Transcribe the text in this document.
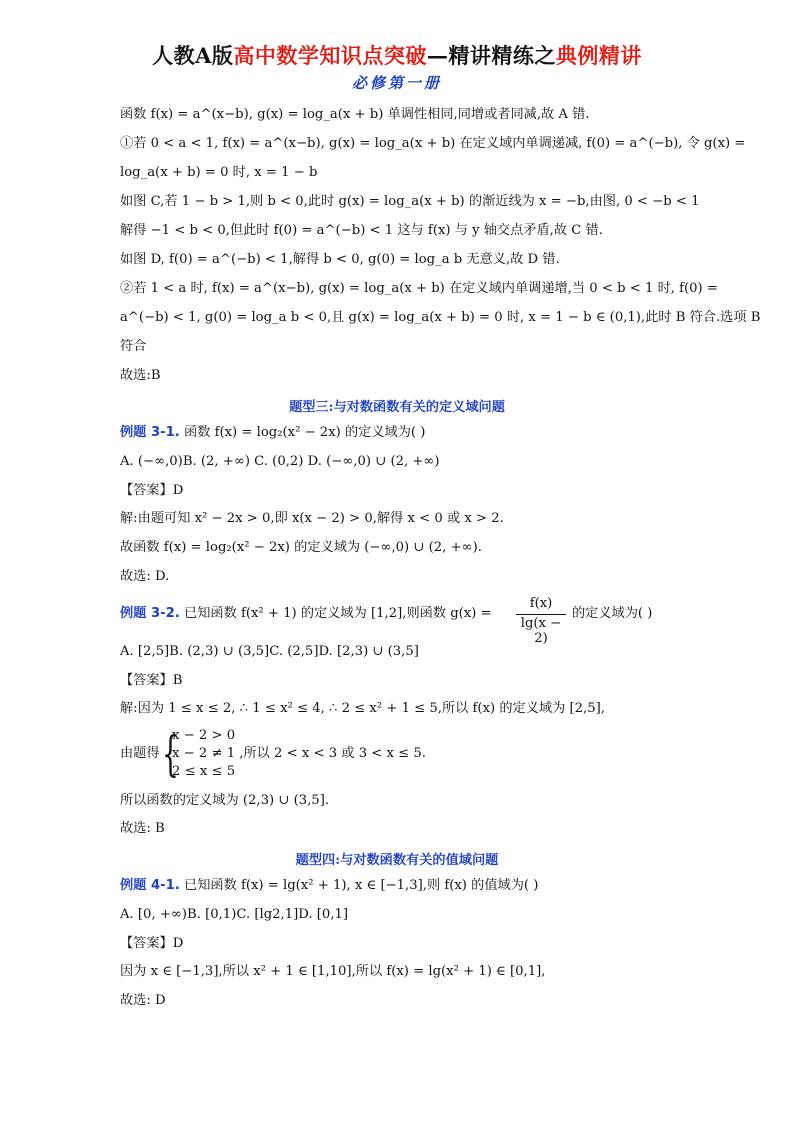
人教A版高中数学知识点突破—精讲精练之典例精讲
必修第一册
函数 f(x) = a^(x−b), g(x) = log_a(x + b) 单调性相同,同增或者同减,故 A 错.
①若 0 < a < 1, f(x) = a^(x−b), g(x) = log_a(x + b) 在定义域内单调递减, f(0) = a^(−b), 令 g(x) =
log_a(x + b) = 0 时, x = 1 − b
如图 C,若 1 − b > 1,则 b < 0,此时 g(x) = log_a(x + b) 的渐近线为 x = −b,由图, 0 < −b < 1
解得 −1 < b < 0,但此时 f(0) = a^(−b) < 1 这与 f(x) 与 y 轴交点矛盾,故 C 错.
如图 D, f(0) = a^(−b) < 1,解得 b < 0, g(0) = log_a b 无意义,故 D 错.
②若 1 < a 时, f(x) = a^(x−b), g(x) = log_a(x + b) 在定义域内单调递增,当 0 < b < 1 时, f(0) =
a^(−b) < 1, g(0) = log_a b < 0,且 g(x) = log_a(x + b) = 0 时, x = 1 − b ∈ (0,1),此时 B 符合.选项 B
符合
故选:B
题型三:与对数函数有关的定义域问题
例题 3-1. 函数 f(x) = log₂(x² − 2x) 的定义域为( )
A. (−∞,0)B. (2, +∞) C. (0,2) D. (−∞,0) ∪ (2, +∞)
【答案】D
解:由题可知 x² − 2x > 0,即 x(x − 2) > 0,解得 x < 0 或 x > 2.
故函数 f(x) = log₂(x² − 2x) 的定义域为 (−∞,0) ∪ (2, +∞).
故选: D.
例题 3-2. 已知函数 f(x² + 1) 的定义域为 [1,2],则函数 g(x) =
f(x)
lg(x − 2)
的定义域为( )
A. [2,5]B. (2,3) ∪ (3,5]C. (2,5]D. [2,3) ∪ (3,5]
【答案】B
解:因为 1 ≤ x ≤ 2, ∴ 1 ≤ x² ≤ 4, ∴ 2 ≤ x² + 1 ≤ 5,所以 f(x) 的定义域为 [2,5],
由题得 {
x − 2 > 0
x − 2 ≠ 1 ,所以 2 < x < 3 或 3 < x ≤ 5.
2 ≤ x ≤ 5
所以函数的定义域为 (2,3) ∪ (3,5].
故选: B
题型四:与对数函数有关的值域问题
例题 4-1. 已知函数 f(x) = lg(x² + 1), x ∈ [−1,3],则 f(x) 的值域为( )
A. [0, +∞)B. [0,1)C. [lg2,1]D. [0,1]
【答案】D
因为 x ∈ [−1,3],所以 x² + 1 ∈ [1,10],所以 f(x) = lg(x² + 1) ∈ [0,1],
故选: D
